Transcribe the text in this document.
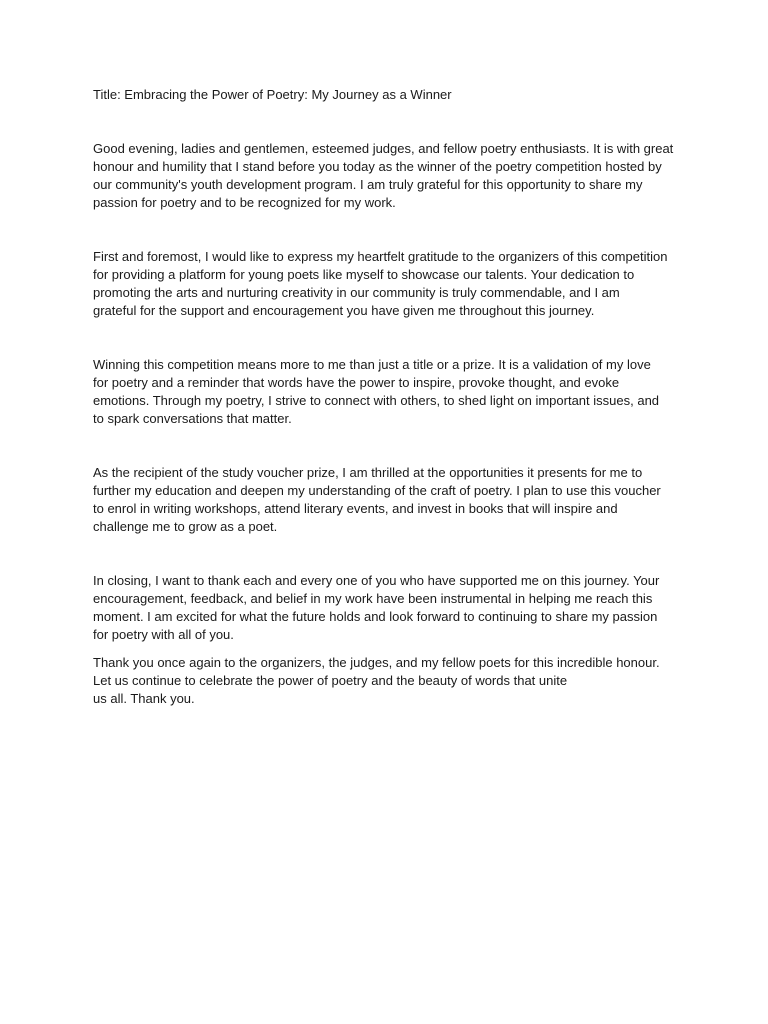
Title: Embracing the Power of Poetry: My Journey as a Winner

Good evening, ladies and gentlemen, esteemed judges, and fellow poetry enthusiasts. It is with great
honour and humility that I stand before you today as the winner of the poetry competition hosted by
our community's youth development program. I am truly grateful for this opportunity to share my
passion for poetry and to be recognized for my work.
First and foremost, I would like to express my heartfelt gratitude to the organizers of this competition
for providing a platform for young poets like myself to showcase our talents. Your dedication to
promoting the arts and nurturing creativity in our community is truly commendable, and I am
grateful for the support and encouragement you have given me throughout this journey.
Winning this competition means more to me than just a title or a prize. It is a validation of my love
for poetry and a reminder that words have the power to inspire, provoke thought, and evoke
emotions. Through my poetry, I strive to connect with others, to shed light on important issues, and
to spark conversations that matter.
As the recipient of the study voucher prize, I am thrilled at the opportunities it presents for me to
further my education and deepen my understanding of the craft of poetry. I plan to use this voucher
to enrol in writing workshops, attend literary events, and invest in books that will inspire and
challenge me to grow as a poet.
In closing, I want to thank each and every one of you who have supported me on this journey. Your
encouragement, feedback, and belief in my work have been instrumental in helping me reach this
moment. I am excited for what the future holds and look forward to continuing to share my passion
for poetry with all of you.
Thank you once again to the organizers, the judges, and my fellow poets for this incredible honour.
Let us continue to celebrate the power of poetry and the beauty of words that unite
us all. Thank you.
